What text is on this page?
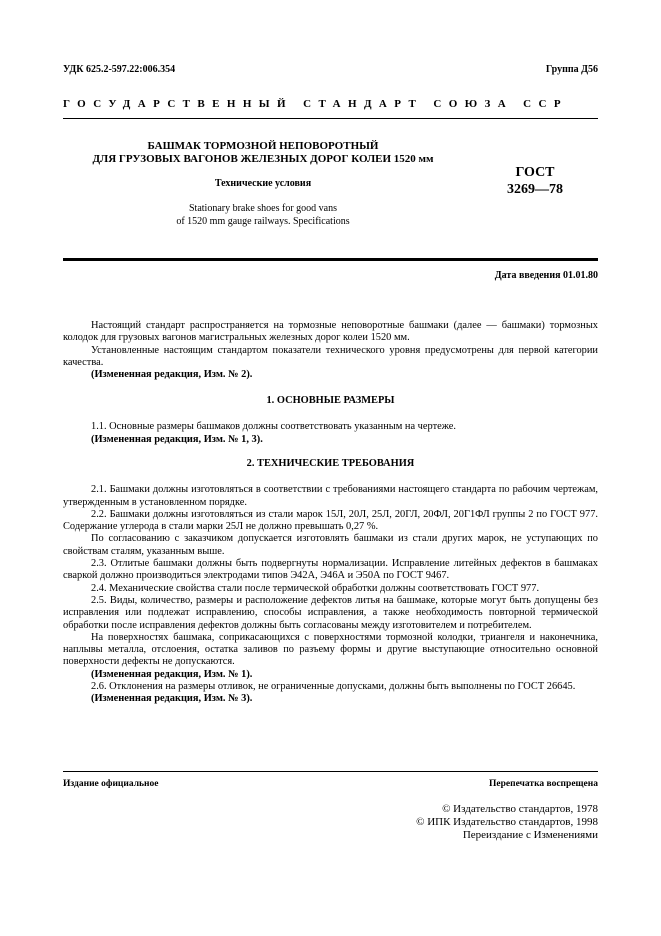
УДК 625.2-597.22:006.354	Группа Д56
ГОСУДАРСТВЕННЫЙ СТАНДАРТ СОЮЗА ССР
БАШМАК ТОРМОЗНОЙ НЕПОВОРОТНЫЙ
ДЛЯ ГРУЗОВЫХ ВАГОНОВ ЖЕЛЕЗНЫХ ДОРОГ КОЛЕИ 1520 мм
Технические условия
Stationary brake shoes for good vans
of 1520 mm gauge railways. Specifications
ГОСТ
3269—78
Дата введения 01.01.80

Настоящий стандарт распространяется на тормозные неповоротные башмаки (далее — башмаки) тормозных колодок для грузовых вагонов магистральных железных дорог колеи 1520 мм.

Установленные настоящим стандартом показатели технического уровня предусмотрены для первой категории качества.

(Измененная редакция, Изм. № 2).

1. ОСНОВНЫЕ РАЗМЕРЫ

1.1. Основные размеры башмаков должны соответствовать указанным на чертеже.

(Измененная редакция, Изм. № 1, 3).

2. ТЕХНИЧЕСКИЕ ТРЕБОВАНИЯ

2.1. Башмаки должны изготовляться в соответствии с требованиями настоящего стандарта по рабочим чертежам, утвержденным в установленном порядке.

2.2. Башмаки должны изготовляться из стали марок 15Л, 20Л, 25Л, 20ГЛ, 20ФЛ, 20Г1ФЛ группы 2 по ГОСТ 977. Содержание углерода в стали марки 25Л не должно превышать 0,27 %.

По согласованию с заказчиком допускается изготовлять башмаки из стали других марок, не уступающих по свойствам сталям, указанным выше.

2.3. Отлитые башмаки должны быть подвергнуты нормализации. Исправление литейных дефектов в башмаках сваркой должно производиться электродами типов Э42А, Э46А и Э50А по ГОСТ 9467.

2.4. Механические свойства стали после термической обработки должны соответствовать ГОСТ 977.

2.5. Виды, количество, размеры и расположение дефектов литья на башмаке, которые могут быть допущены без исправления или подлежат исправлению, способы исправления, а также необходимость повторной термической обработки после исправления дефектов должны быть согласованы между изготовителем и потребителем.

На поверхностях башмака, соприкасающихся с поверхностями тормозной колодки, триангеля и наконечника, наплывы металла, отслоения, остатка заливов по разъему формы и другие выступающие относительно основной поверхности дефекты не допускаются.

(Измененная редакция, Изм. № 1).

2.6. Отклонения на размеры отливок, не ограниченные допусками, должны быть выполнены по ГОСТ 26645.

(Измененная редакция, Изм. № 3).

Издание официальное	Перепечатка воспрещена
© Издательство стандартов, 1978
© ИПК Издательство стандартов, 1998
Переиздание с Изменениями
